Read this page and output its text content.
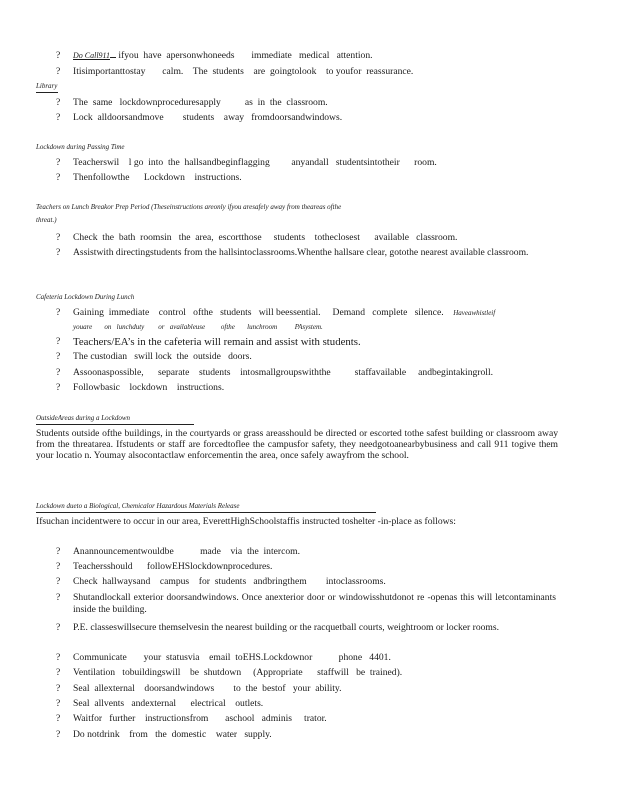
?	Do Call911 ifyou  have  apersonwhoneeds       immediate   medical   attention.
?	Itisimportanttostay       calm.    The  students    are  goingtolook    to youfor  reassurance.
Library
?	The  same   lockdownproceduresapply          as  in  the  classroom.
?	Lock  alldoorsandmove        students    away   fromdoorsandwindows.
Lockdown during Passing Time
?	Teacherswil    l go  into  the  hallsandbeginflagging         anyandall   studentsintotheir      room.
?	Thenfollowthe      Lockdown    instructions.
Teachers on Lunch Breakor Prep Period (Theseinstructions areonly ifyou aresafely away from theareas ofthe
threat.)
?	Check  the  bath  roomsin   the  area,  escortthose     students    totheclosest      available   classroom.
?	Assistwith directingstudents from the hallsintoclassrooms.Whenthe hallsare clear, gotothe nearest available classroom.
Cafeteria Lockdown During Lunch
?	Gaining  immediate    control   ofthe   students   will beessential.     Demand   complete   silence. Haveawhistleif
youare       on   lunchduty        or   availableuse         ofthe       lunchroom          PAsystem.
?	Teachers/EA’s in the cafeteria will remain and assist with students.
?	The custodian   swill lock  the  outside   doors.
?	Assoonaspossible,      separate    students    intosmallgroupswiththe          staffavailable     andbegintakingroll.
?	Followbasic    lockdown    instructions.
OutsideAreas during a Lockdown
Students outside ofthe buildings, in the courtyards or grass areasshould be directed or escorted tothe safest building or classroom away from the threatarea. Ifstudents or staff are forcedtoflee the campusfor safety, they needgotoanearbybusiness and call 911 togive them your locatio n. Youmay alsocontactlaw enforcementin the area, once safely awayfrom the school.
Lockdown dueto a Biological, Chemicalor Hazardous Materials Release
Ifsuchan incidentwere to occur in our area, EverettHighSchoolstaffis instructed toshelter -in-place as follows:
?	Anannouncementwouldbe           made    via  the  intercom.
?	Teachersshould      followEHSlockdownprocedures.
?	Check  hallwaysand    campus    for  students   andbringthem        intoclassrooms.
?	Shutandlockall exterior doorsandwindows. Once anexterior door or windowisshutdonot re -openas this will letcontaminants inside the building.
?	P.E. classeswillsecure themselvesin the nearest building or the racquetball courts, weightroom or locker rooms.
?	Communicate       your  statusvia    email  toEHS.Lockdownor           phone   4401.
?	Ventilation   tobuildingswill    be  shutdown     (Appropriate      staffwill   be  trained).
?	Seal  allexternal    doorsandwindows        to  the  bestof   your  ability.
?	Seal  allvents   andexternal      electrical    outlets.
?	Waitfor   further    instructionsfrom       aschool   adminis     trator.
?	Do notdrink    from   the  domestic    water   supply.
